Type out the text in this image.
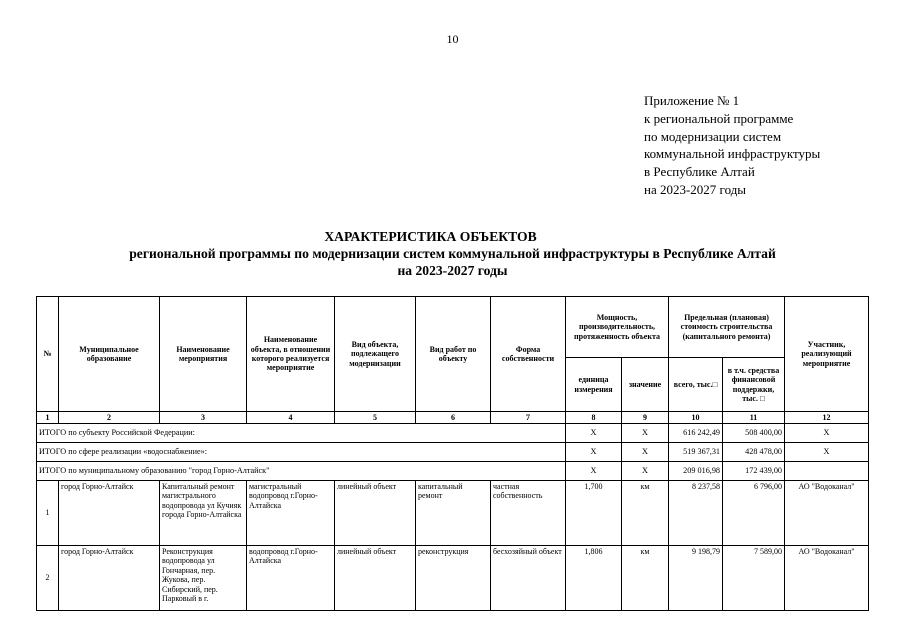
10
Приложение № 1
к региональной программе
по модернизации систем
коммунальной инфраструктуры
в Республике Алтай
на 2023-2027 годы
ХАРАКТЕРИСТИКА ОБЪЕКТОВ
региональной программы по модернизации систем коммунальной инфраструктуры в Республике Алтай
на 2023-2027 годы
№	Муниципальное образование	Наименование мероприятия	Наименование объекта, в отношении которого реализуется мероприятие	Вид объекта, подлежащего модернизации	Вид работ по объекту	Форма собственности	Мощность, производительность, протяженность объекта		Предельная (плановая) стоимость строительства (капитального ремонта)		Участник, реализующий мероприятие
							единица измерения	значение	всего, тыс.□	в т.ч. средства финансовой поддержки, тыс. □	
1	2	3	4	5	6	7	8	9	10	11	12
ИТОГО по субъекту Российской Федерации:							X	X	616 242,49	508 400,00	X
ИТОГО по сфере реализации «водоснабжение»:							X	X	519 367,31	428 478,00	X
ИТОГО по муниципальному образованию "город Горно-Алтайск"							X	X	209 016,98	172 439,00	
1	город Горно-Алтайск	Капитальный ремонт магистрального водопровода ул Кучияк города Горно-Алтайска	магистральный водопровод г.Горно-Алтайска	линейный объект	капитальный ремонт	частная собственность	1,700	км	8 237,58	6 796,00	АО "Водоканал"
2	город Горно-Алтайск	Реконструкция водопровода ул Гончарная, пер. Жукова, пер. Сибирский, пер. Парковый в г.	водопровод г.Горно-Алтайска	линейный объект	реконструкция	бесхозяйный объект	1,806	км	9 198,79	7 589,00	АО "Водоканал"
